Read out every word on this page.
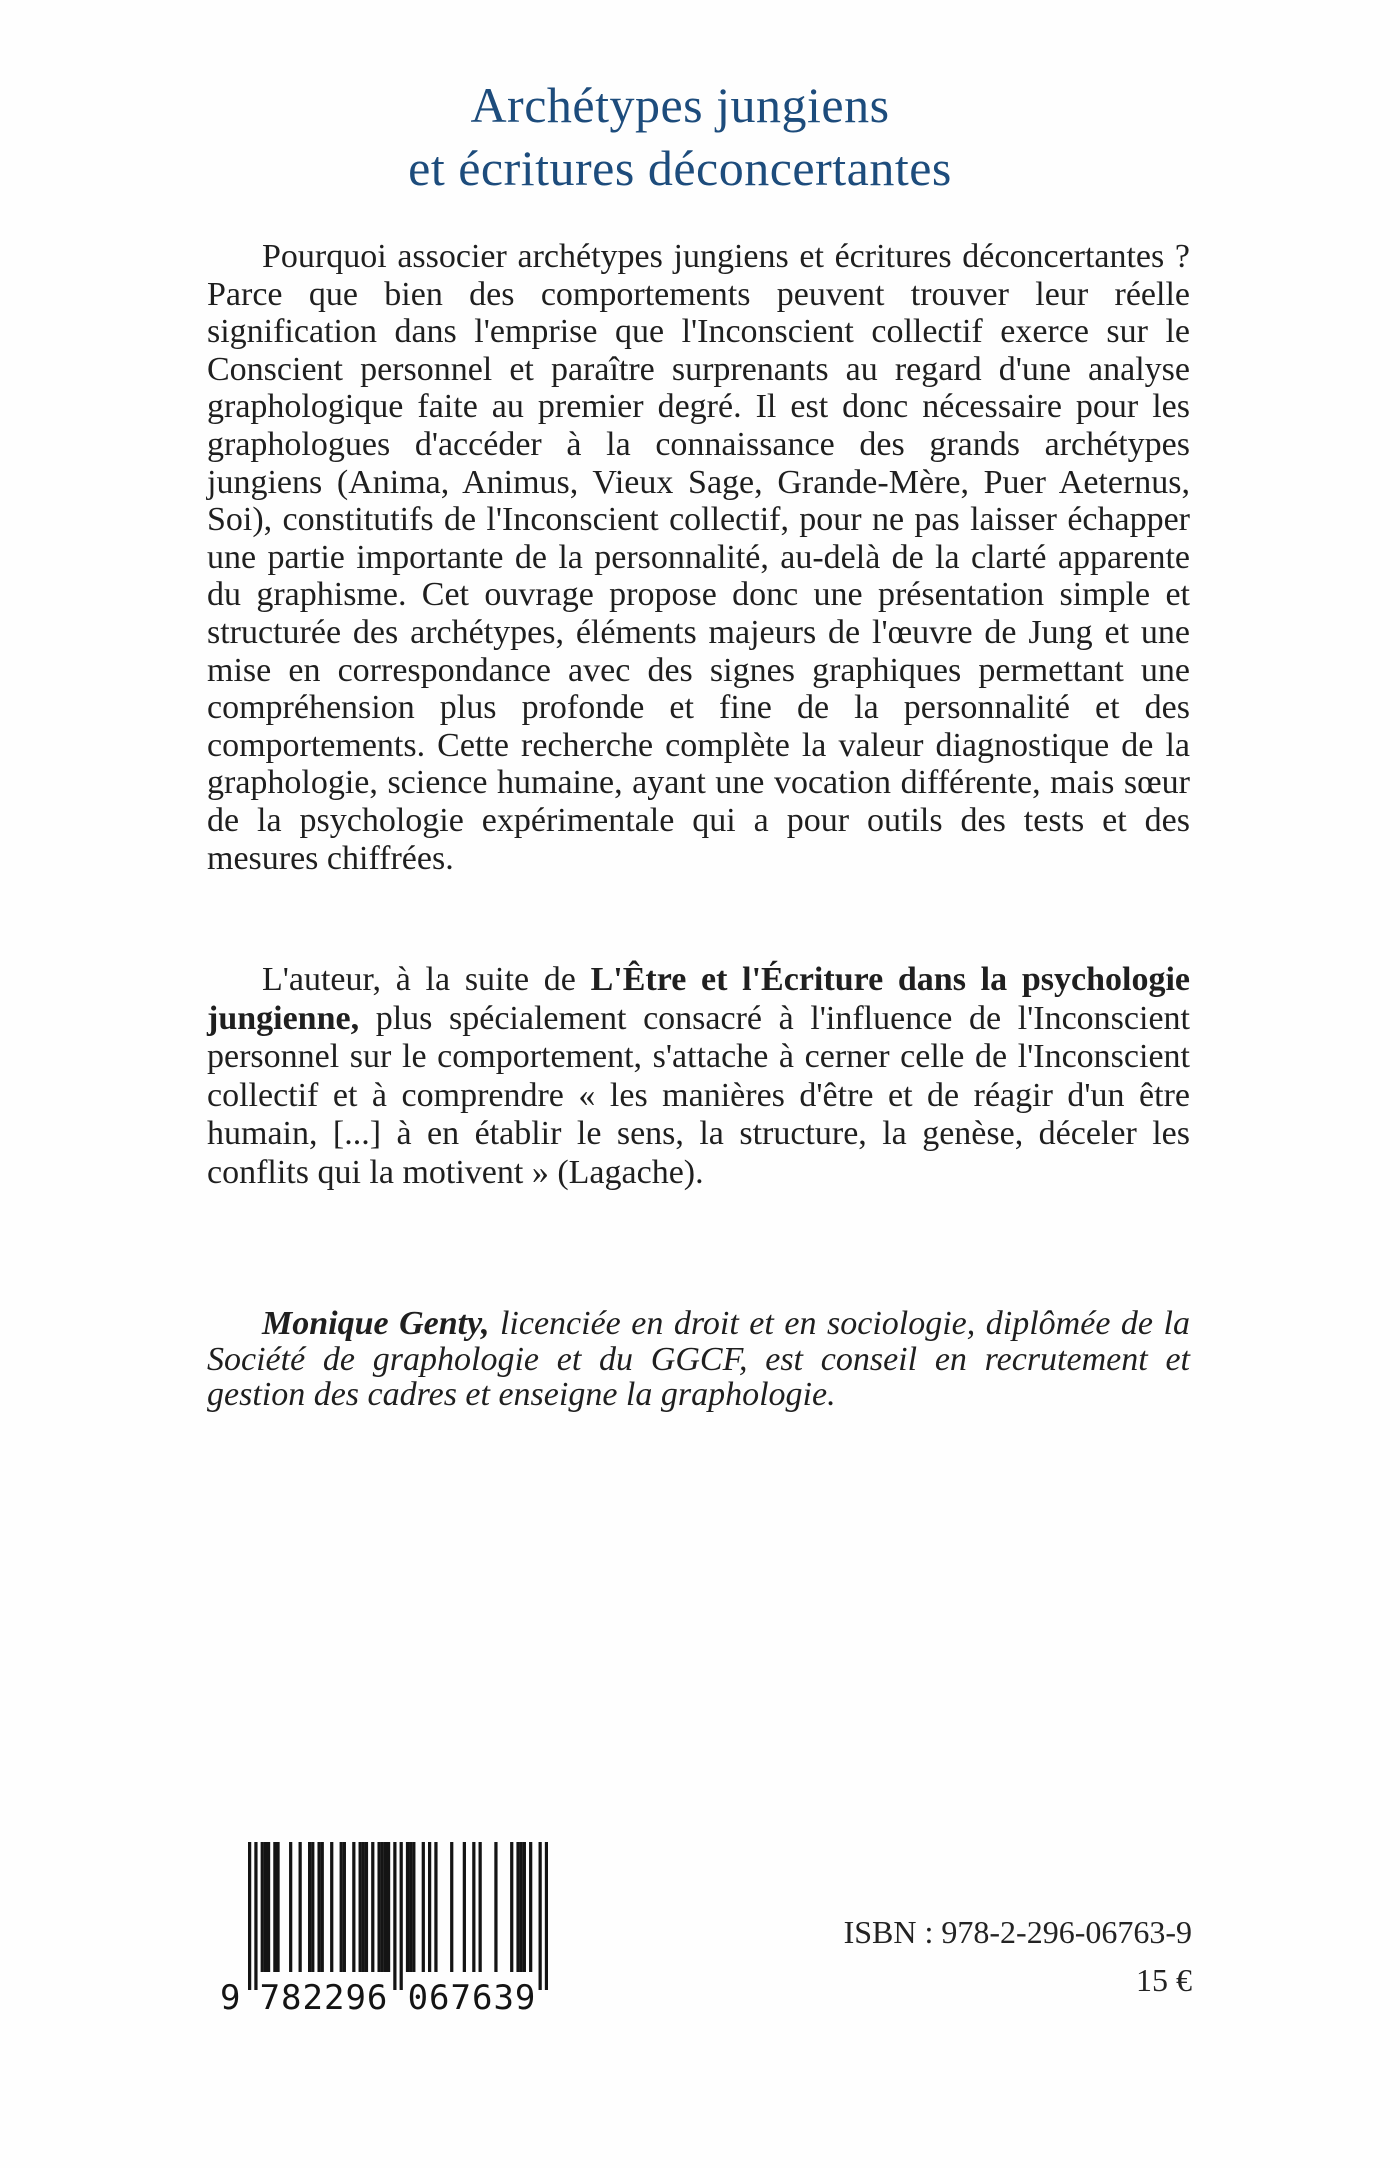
Archétypes jungiens
et écritures déconcertantes

Pourquoi associer archétypes jungiens et écritures déconcertantes ? Parce que bien des comportements peuvent trouver leur réelle signification dans l'emprise que l'Inconscient collectif exerce sur le Conscient personnel et paraître surprenants au regard d'une analyse graphologique faite au premier degré. Il est donc nécessaire pour les graphologues d'accéder à la connaissance des grands archétypes jungiens (Anima, Animus, Vieux Sage, Grande-Mère, Puer Aeternus, Soi), constitutifs de l'Inconscient collectif, pour ne pas laisser échapper une partie importante de la personnalité, au-delà de la clarté apparente du graphisme. Cet ouvrage propose donc une présentation simple et structurée des archétypes, éléments majeurs de l'œuvre de Jung et une mise en correspondance avec des signes graphiques permettant une compréhension plus profonde et fine de la personnalité et des comportements. Cette recherche complète la valeur diagnostique de la graphologie, science humaine, ayant une vocation différente, mais sœur de la psychologie expérimentale qui a pour outils des tests et des mesures chiffrées.

L'auteur, à la suite de L'Être et l'Écriture dans la psychologie jungienne, plus spécialement consacré à l'influence de l'Inconscient personnel sur le comportement, s'attache à cerner celle de l'Inconscient collectif et à comprendre « les manières d'être et de réagir d'un être humain, [...] à en établir le sens, la structure, la genèse, déceler les conflits qui la motivent » (Lagache).

Monique Genty, licenciée en droit et en sociologie, diplômée de la Société de graphologie et du GGCF, est conseil en recrutement et gestion des cadres et enseigne la graphologie.

9 782296 067639
ISBN : 978-2-296-06763-9
15 €
